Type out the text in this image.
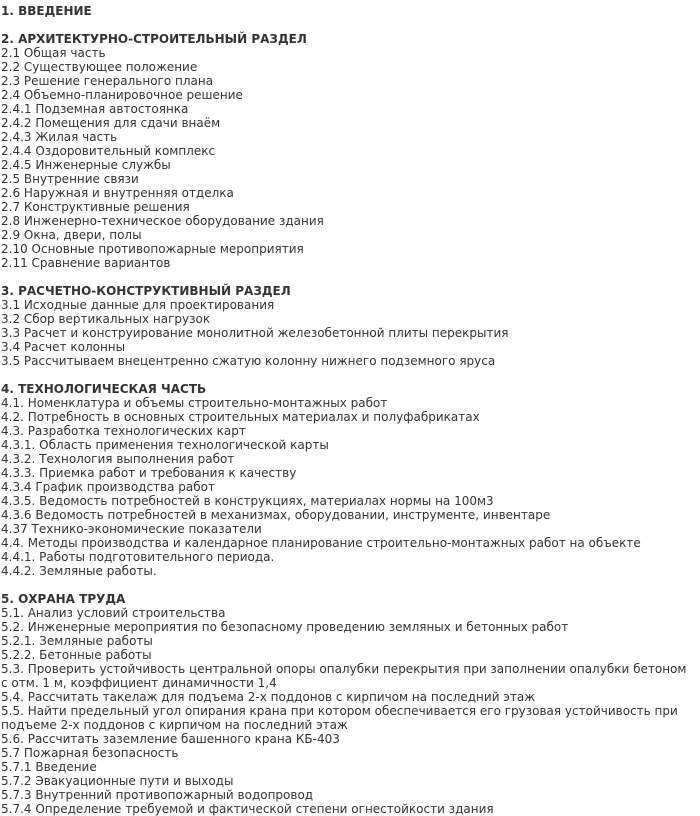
1. ВВЕДЕНИЕ
2. АРХИТЕКТУРНО-СТРОИТЕЛЬНЫЙ РАЗДЕЛ
2.1 Общая часть
2.2 Существующее положение
2.3 Решение генерального плана
2.4 Объемно-планировочное решение
2.4.1 Подземная автостоянка
2.4.2 Помещения для сдачи внаём
2.4.3 Жилая часть
2.4.4 Оздоровительный комплекс
2.4.5 Инженерные службы
2.5 Внутренние связи
2.6 Наружная и внутренняя отделка
2.7 Конструктивные решения
2.8 Инженерно-техническое оборудование здания
2.9 Окна, двери, полы
2.10 Основные противопожарные мероприятия
2.11 Сравнение вариантов
3. РАСЧЕТНО-КОНСТРУКТИВНЫЙ РАЗДЕЛ
3.1 Исходные данные для проектирования
3.2 Сбор вертикальных нагрузок
3.3 Расчет и конструирование монолитной железобетонной плиты перекрытия
3.4 Расчет колонны
3.5 Рассчитываем внецентренно сжатую колонну нижнего подземного яруса
4. ТЕХНОЛОГИЧЕСКАЯ ЧАСТЬ
4.1. Номенклатура и объемы строительно-монтажных работ
4.2. Потребность в основных строительных материалах и полуфабрикатах
4.3. Разработка технологических карт
4.3.1. Область применения технологической карты
4.3.2. Технология выполнения работ
4.3.3. Приемка работ и требования к качеству
4.3.4 График производства работ
4.3.5. Ведомость потребностей в конструкциях, материалах нормы на 100м3
4.3.6 Ведомость потребностей в механизмах, оборудовании, инструменте, инвентаре
4.37 Технико-экономические показатели
4.4. Методы производства и календарное планирование строительно-монтажных работ на объекте
4.4.1. Работы подготовительного периода.
4.4.2. Земляные работы.
5. ОХРАНА ТРУДА
5.1. Анализ условий строительства
5.2. Инженерные мероприятия по безопасному проведению земляных и бетонных работ
5.2.1. Земляные работы
5.2.2. Бетонные работы
5.3. Проверить устойчивость центральной опоры опалубки перекрытия при заполнении опалубки бетоном с отм. 1 м, коэффициент динамичности 1,4
5.4. Рассчитать такелаж для подъема 2-х поддонов с кирпичом на последний этаж
5.5. Найти предельный угол опирания крана при котором обеспечивается его грузовая устойчивость при подъеме 2-х поддонов с кирпичом на последний этаж
5.6. Рассчитать заземление башенного крана КБ-403
5.7 Пожарная безопасность
5.7.1 Введение
5.7.2 Эвакуационные пути и выходы
5.7.3 Внутренний противопожарный водопровод
5.7.4 Определение требуемой и фактической степени огнестойкости здания
